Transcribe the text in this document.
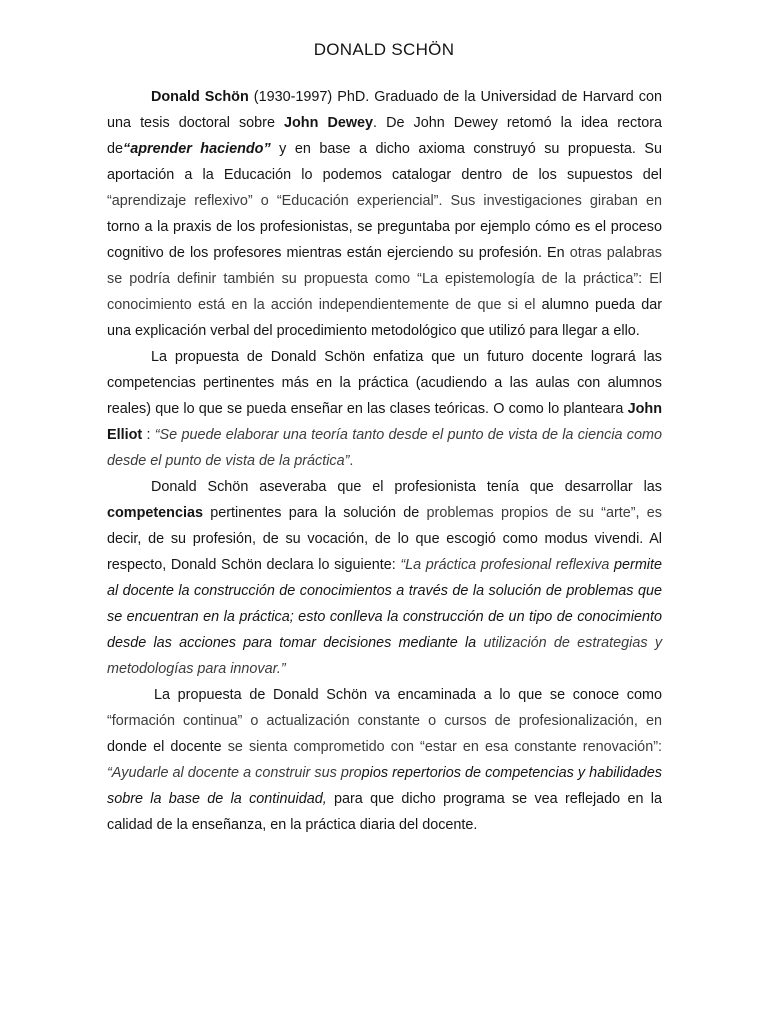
DONALD SCHÖN

Donald Schön (1930-1997) PhD. Graduado de la Universidad de Harvard con una tesis doctoral sobre John Dewey. De John Dewey retomó la idea rectora de“aprender haciendo” y en base a dicho axioma construyó su propuesta. Su aportación a la Educación lo podemos catalogar dentro de los supuestos del “aprendizaje reflexivo” o “Educación experiencial”. Sus investigaciones giraban en torno a la praxis de los profesionistas, se preguntaba por ejemplo cómo es el proceso cognitivo de los profesores mientras están ejerciendo su profesión. En otras palabras se podría definir también su propuesta como “La epistemología de la práctica”: El conocimiento está en la acción independientemente de que si el alumno pueda dar una explicación verbal del procedimiento metodológico que utilizó para llegar a ello.

La propuesta de Donald Schön enfatiza que un futuro docente logrará las competencias pertinentes más en la práctica (acudiendo a las aulas con alumnos reales) que lo que se pueda enseñar en las clases teóricas. O como lo planteara John Elliot : “Se puede elaborar una teoría tanto desde el punto de vista de la ciencia como desde el punto de vista de la práctica”.

Donald Schön aseveraba que el profesionista tenía que desarrollar las competencias pertinentes para la solución de problemas propios de su “arte”, es decir, de su profesión, de su vocación, de lo que escogió como modus vivendi. Al respecto, Donald Schön declara lo siguiente: “La práctica profesional reflexiva permite al docente la construcción de conocimientos a través de la solución de problemas que se encuentran en la práctica; esto conlleva la construcción de un tipo de conocimiento desde las acciones para tomar decisiones mediante la utilización de estrategias y metodologías para innovar.”

La propuesta de Donald Schön va encaminada a lo que se conoce como “formación continua” o actualización constante o cursos de profesionalización, en donde el docente se sienta comprometido con “estar en esa constante renovación”: “Ayudarle al docente a construir sus propios repertorios de competencias y habilidades sobre la base de la continuidad, para que dicho programa se vea reflejado en la calidad de la enseñanza, en la práctica diaria del docente.
